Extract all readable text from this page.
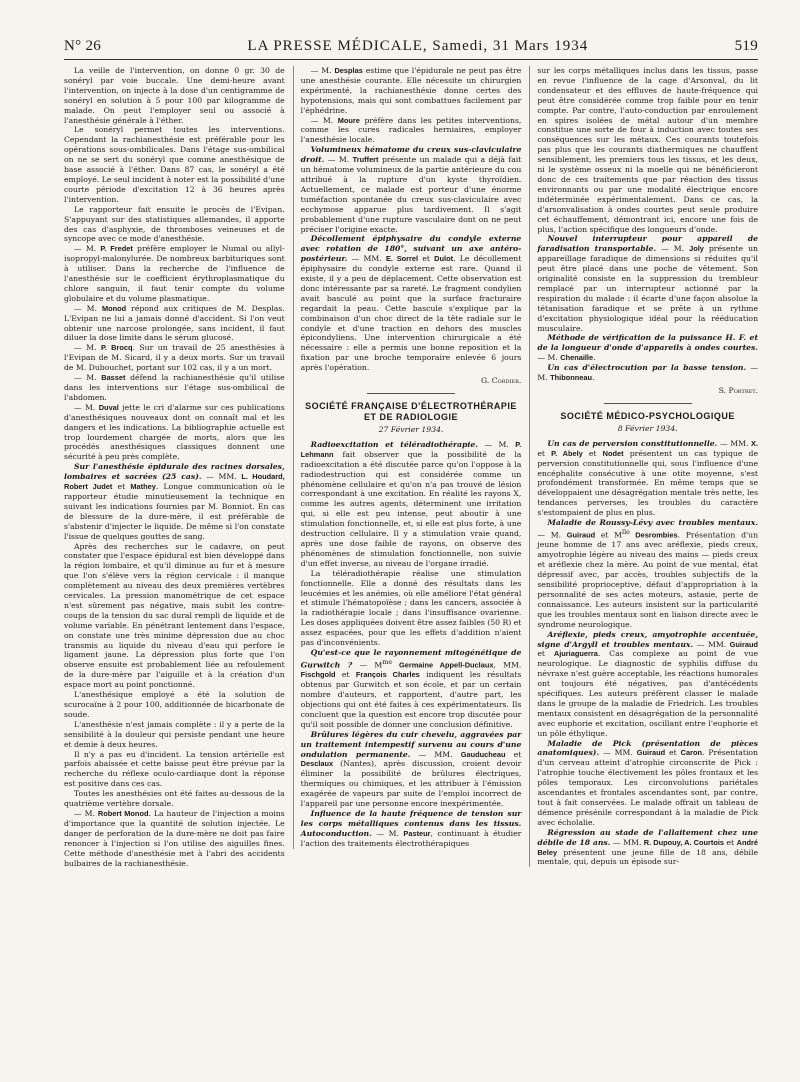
N° 26	LA PRESSE MÉDICALE, Samedi, 31 Mars 1934	519

La veille de l'intervention, on donne 0 gr. 30 de sonéryl par voie buccale. Une demi-heure avant l'intervention, on injecte à la dose d'un centigramme de sonéryl en solution à 5 pour 100 par kilogramme de malade. On peut l'employer seul ou associé à l'anesthésie générale à l'éther.

Le sonéryl permet toutes les interventions. Cependant la rachianesthésie est préférable pour les opérations sous-ombilicales. Dans l'étage sus-ombilical on ne se sert du sonéryl que comme anesthésique de base associé à l'éther. Dans 87 cas, le sonéryl a été employé. Le seul incident à noter est la possibilité d'une courte période d'excitation 12 à 36 heures après l'intervention.

Le rapporteur fait ensuite le procès de l'Evipan. S'appuyant sur des statistiques allemandes, il apporte des cas d'asphyxie, de thromboses veineuses et de syncope avec ce mode d'anesthésie.

— M. P. Fredet préfère employer le Numal ou allyl-isopropyl-malonylurée. De nombreux barbituriques sont à utiliser. Dans la recherche de l'influence de l'anesthésie sur le coefficient érythroplasmatique du chlore sanguin, il faut tenir compte du volume globulaire et du volume plasmatique.

— M. Monod répond aux critiques de M. Desplas. L'Evipan ne lui a jamais donné d'accident. Si l'on veut obtenir une narcose prolongée, sans incident, il faut diluer la dose limite dans le sérum glucosé.

— M. P. Brocq. Sur un travail de 25 anesthésies à l'Evipan de M. Sicard, il y a deux morts. Sur un travail de M. Dubouchet, portant sur 102 cas, il y a un mort.

— M. Basset défend la rachianesthésie qu'il utilise dans les interventions sur l'étage sus-ombilical de l'abdomen.

— M. Duval jette le cri d'alarme sur ces publications d'anesthésiques nouveaux dont on connaît mal et les dangers et les indications. La bibliographie actuelle est trop lourdement chargée de morts, alors que les procédés anesthésiques classiques donnent une sécurité à peu près complète.

Sur l'anesthésie épidurale des racines dorsales, lombaires et sacrées (25 cas). — MM. L. Houdard, Robert Judet et Mathey. Longue communication où le rapporteur étudie minutieusement la technique en suivant les indications fournies par M. Bonniot. En cas de blessure de la dure-mère, il est préférable de s'abstenir d'injecter le liquide. De même si l'on constate l'issue de quelques gouttes de sang.

Après des recherches sur le cadavre, on peut constater que l'espace épidural est bien développé dans la région lombaire, et qu'il diminue au fur et à mesure que l'on s'élève vers la région cervicale : il manque complètement au niveau des deux premières vertèbres cervicales. La pression manométrique de cet espace n'est sûrement pas négative, mais subit les contre-coups de la tension du sac dural rempli de liquide et de volume variable. En pénétrant lentement dans l'espace, on constate une très minime dépression due au choc transmis au liquide du niveau d'eau qui perfore le ligament jaune. La dépression plus forte que l'on observe ensuite est probablement liée au refoulement de la dure-mère par l'aiguille et à la création d'un espace mort au point ponctionné.

L'anesthésique employé a été la solution de scurocaïne à 2 pour 100, additionnée de bicarbonate de soude.

L'anesthésie n'est jamais complète : il y a perte de la sensibilité à la douleur qui persiste pendant une heure et demie à deux heures.

Il n'y a pas eu d'incident. La tension artérielle est parfois abaissée et cette baisse peut être prévue par la recherche du réflexe oculo-cardiaque dont la réponse est positive dans ces cas.

Toutes les anesthésies ont été faites au-dessous de la quatrième vertèbre dorsale.

— M. Robert Monod. La hauteur de l'injection a moins d'importance que la quantité de solution injectée. Le danger de perforation de la dure-mère ne doit pas faire renoncer à l'injection si l'on utilise des aiguilles fines. Cette méthode d'anesthésie met à l'abri des accidents bulbaires de la rachianesthésie.

— M. Desplas estime que l'épidurale ne peut pas être une anesthésie courante. Elle nécessite un chirurgien expérimenté, la rachianesthésie donne certes des hypotensions, mais qui sont combattues facilement par l'éphédrine.

— M. Moure préfère dans les petites interventions, comme les cures radicales herniaires, employer l'anesthésie locale.

Volumineux hématome du creux sus-claviculaire droit. — M. Truffert présente un malade qui a déjà fait un hématome volumineux de la partie antérieure du cou attribué à la rupture d'un kyste thyroïdien. Actuellement, ce malade est porteur d'une énorme tuméfaction spontanée du creux sus-claviculaire avec ecchymose apparue plus tardivement. Il s'agit probablement d'une rupture vasculaire dont on ne peut préciser l'origine exacte.

Décollement épiphysaire du condyle externe avec rotation de 180°, suivant un axe antéro-postérieur. — MM. E. Sorrel et Dulot. Le décollement épiphysaire du condyle externe est rare. Quand il existe, il y a peu de déplacement. Cette observation est donc intéressante par sa rareté. Le fragment condylien avait basculé au point que la surface fracturaire regardait la peau. Cette bascule s'explique par la combinaison d'un choc direct de la tête radiale sur le condyle et d'une traction en dehors des muscles épicondyliens. Une intervention chirurgicale a été nécessaire : elle a permis une bonne reposition et la fixation par une broche temporaire enlevée 6 jours après l'opération.

G. Cordier.
SOCIÉTÉ FRANÇAISE D'ÉLECTROTHÉRAPIE ET DE RADIOLOGIE
27 Février 1934.

Radioexcitation et téléradiothérapie. — M. P. Lehmann fait observer que la possibilité de la radioexcitation a été discutée parce qu'on l'oppose à la radiodestruction qui est considérée comme un phénomène cellulaire et qu'on n'a pas trouvé de lésion correspondant à une excitation. En réalité les rayons X, comme les autres agents, déterminent une irritation qui, si elle est peu intense, peut aboutir à une stimulation fonctionnelle, et, si elle est plus forte, à une destruction cellulaire. Il y a stimulation vraie quand, après une dose faible de rayons, on observe des phénomènes de stimulation fonctionnelle, non suivie d'un effet inverse, au niveau de l'organe irradié.

La téléradiothérapie réalise une stimulation fonctionnelle. Elle a donné des résultats dans les leucémies et les anémies, où elle améliore l'état général et stimule l'hématopoïèse ; dans les cancers, associée à la radiothérapie locale ; dans l'insuffisance ovarienne. Les doses appliquées doivent être assez faibles (50 R) et assez espacées, pour que les effets d'addition n'aient pas d'inconvénients.

Qu'est-ce que le rayonnement mitogénétique de Gurwitch ? — $M^{me}$ Germaine Appell-Duclaux, MM. Fischgold et François Charles indiquent les résultats obtenus par Gurwitch et son école, et par un certain nombre d'auteurs, et rapportent, d'autre part, les objections qui ont été faites à ces expérimentateurs. Ils concluent que la question est encore trop discutée pour qu'il soit possible de donner une conclusion définitive.

Brûlures légères du cuir chevelu, aggravées par un traitement intempestif survenu au cours d'une ondulation permanente. — MM. Gauducheau et Desclaux (Nantes), après discussion, croient devoir éliminer la possibilité de brûlures électriques, thermiques ou chimiques, et les attribuer à l'émission exagérée de vapeurs par suite de l'emploi incorrect de l'appareil par une personne encore inexpérimentée.

Influence de la haute fréquence de tension sur les corps métalliques contenus dans les tissus. Autoconduction. — M. Pasteur, continuant à étudier l'action des traitements électrothérapiques

sur les corps métalliques inclus dans les tissus, passe en revue l'influence de la cage d'Arsonval, du lit condensateur et des effluves de haute-fréquence qui peut être considérée comme trop faible pour en tenir compte. Par contre, l'auto-conduction par enroulement en spires isolées de métal autour d'un membre constitue une sorte de four à induction avec toutes ses conséquences sur les métaux. Ces courants toutefois pas plus que les courants diathermiques ne chauffent sensiblement, les premiers tous les tissus, et les deux, ni le système osseux ni la moelle qui ne bénéficieront donc de ces traitements que par réaction des tissus environnants ou par une modalité électrique encore indéterminée expérimentalement. Dans ce cas, la d'arsonvalisation à ondes courtes peut seule produire cet échauffement, démontrant ici, encore une fois de plus, l'action spécifique des longueurs d'onde.

Nouvel interrupteur pour appareil de faradisation transportable. — M. Joly présente un appareillage faradique de dimensions si réduites qu'il peut être placé dans une poche de vêtement. Son originalité consiste en la suppression du trembleur remplacé par un interrupteur actionné par la respiration du malade : il écarte d'une façon absolue la tétanisation faradique et se prête à un rythme d'excitation physiologique idéal pour la rééducation musculaire.

Méthode de vérification de la puissance H. F. et de la longueur d'onde d'appareils à ondes courtes. — M. Chenaille.

Un cas d'électrocution par la basse tension. — M. Thibonneau.

S. Portret.
SOCIÉTÉ MÉDICO-PSYCHOLOGIQUE
8 Février 1934.

Un cas de perversion constitutionnelle. — MM. X. et P. Abely et Nodet présentent un cas typique de perversion constitutionnelle qui, sous l'influence d'une encéphalite consécutive à une otite moyenne, s'est profondément transformée. En même temps que se développaient une désagrégation mentale très nette, les tendances perverses, les troubles du caractère s'estompaient de plus en plus.

Maladie de Roussy-Lévy avec troubles mentaux. — M. Guiraud et $M^{lle}$ Desrombies. Présentation d'un jeune homme de 17 ans avec aréflexie, pieds creux, amyotrophie légère au niveau des mains — pieds creux et aréflexie chez la mère. Au point de vue mental, état dépressif avec, par accès, troubles subjectifs de la sensibilité proprioceptive, défaut d'appropriation à la personnalité de ses actes moteurs, astasie, perte de connaissance. Les auteurs insistent sur la particularité que les troubles mentaux sont en liaison directe avec le syndrome neurologique.

Aréflexie, pieds creux, amyotrophie accentuée, signe d'Argyll et troubles mentaux. — MM. Guiraud et Ajuriaguerra. Cas complexe au point de vue neurologique. Le diagnostic de syphilis diffuse du névraxe n'est guère acceptable, les réactions humorales ont toujours été négatives, pas d'antécédents spécifiques. Les auteurs préfèrent classer le malade dans le groupe de la maladie de Friedrich. Les troubles mentaux consistent en désagrégation de la personnalité avec euphorie et excitation, oscillant entre l'euphorie et un pôle éthylique.

Maladie de Pick (présentation de pièces anatomiques). — MM. Guiraud et Caron. Présentation d'un cerveau atteint d'atrophie circonscrite de Pick : l'atrophie touche électivement les pôles frontaux et les pôles temporaux. Les circonvolutions pariétales ascendantes et frontales ascendantes sont, par contre, tout à fait conservées. Le malade offrait un tableau de démence présénile correspondant à la maladie de Pick avec écholalie.

Régression au stade de l'allaitement chez une débile de 18 ans. — MM. R. Dupouy, A. Courtois et André Beley présentent une jeune fille de 18 ans, débile mentale, qui, depuis un épisode sur-
